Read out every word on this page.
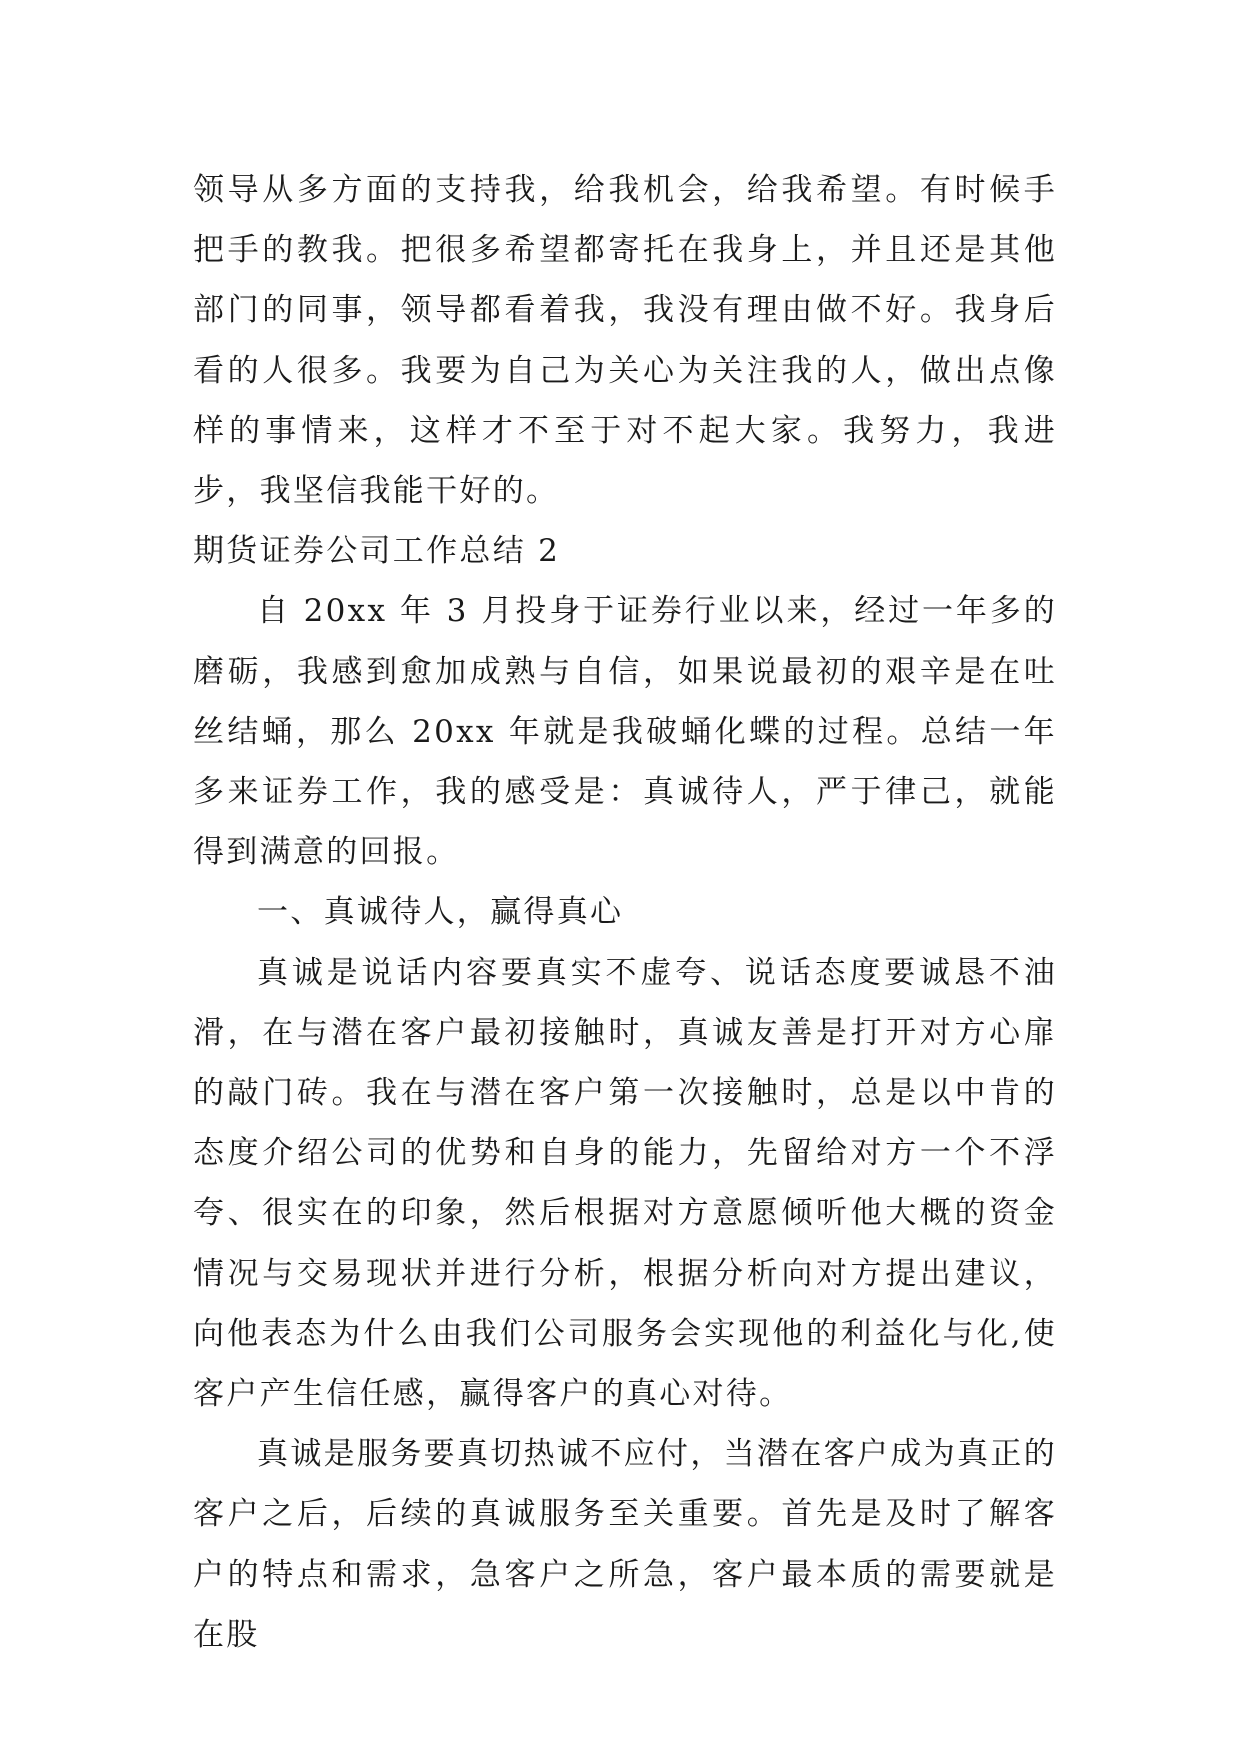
领导从多方面的支持我，给我机会，给我希望。有时候手把手的教我。把很多希望都寄托在我身上，并且还是其他部门的同事，领导都看着我，我没有理由做不好。我身后看的人很多。我要为自己为关心为关注我的人，做出点像样的事情来，这样才不至于对不起大家。我努力，我进步，我坚信我能干好的。

期货证券公司工作总结 2

自 20xx 年 3 月投身于证券行业以来，经过一年多的磨砺，我感到愈加成熟与自信，如果说最初的艰辛是在吐丝结蛹，那么 20xx 年就是我破蛹化蝶的过程。总结一年多来证券工作，我的感受是：真诚待人，严于律己，就能得到满意的回报。

一、真诚待人，赢得真心

真诚是说话内容要真实不虚夸、说话态度要诚恳不油滑，在与潜在客户最初接触时，真诚友善是打开对方心扉的敲门砖。我在与潜在客户第一次接触时，总是以中肯的态度介绍公司的优势和自身的能力，先留给对方一个不浮夸、很实在的印象，然后根据对方意愿倾听他大概的资金情况与交易现状并进行分析，根据分析向对方提出建议，向他表态为什么由我们公司服务会实现他的利益化与化,使客户产生信任感，赢得客户的真心对待。

真诚是服务要真切热诚不应付，当潜在客户成为真正的客户之后，后续的真诚服务至关重要。首先是及时了解客户的特点和需求，急客户之所急，客户最本质的需要就是在股
